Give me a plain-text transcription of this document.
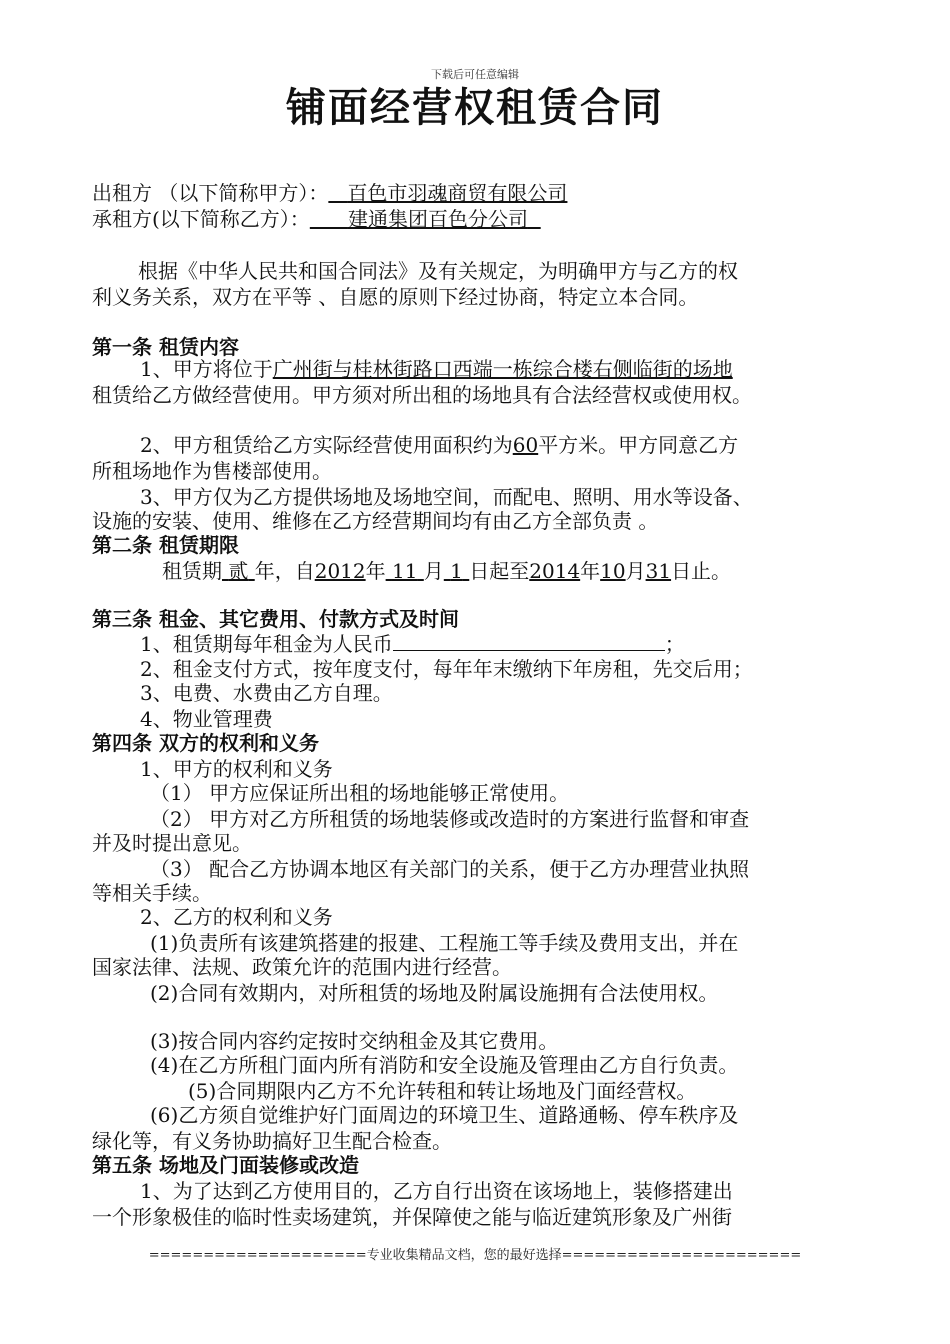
下载后可任意编辑
铺面经营权租赁合同
出租方 （以下简称甲方）： 百色市羽魂商贸有限公司
承租方(以下简称乙方）： 建通集团百色分公司
根据《中华人民共和国合同法》及有关规定，为明确甲方与乙方的权
利义务关系，双方在平等 、自愿的原则下经过协商，特定立本合同。
第一条 租赁内容
1、甲方将位于广州街与桂林街路口西端一栋综合楼右侧临街的场地
租赁给乙方做经营使用。甲方须对所出租的场地具有合法经营权或使用权。
2、甲方租赁给乙方实际经营使用面积约为60平方米。甲方同意乙方
所租场地作为售楼部使用。
3、甲方仅为乙方提供场地及场地空间，而配电、照明、用水等设备、
设施的安装、使用、维修在乙方经营期间均有由乙方全部负责 。
第二条 租赁期限
租赁期 贰 年，自2012年 11 月 1 日起至2014年10月31日止。
第三条 租金、其它费用、付款方式及时间
1、租赁期每年租金为人民币	；
2、租金支付方式，按年度支付，每年年末缴纳下年房租，先交后用；
3、电费、水费由乙方自理。
4、物业管理费
第四条 双方的权利和义务
1、甲方的权利和义务
（1） 甲方应保证所出租的场地能够正常使用。
（2） 甲方对乙方所租赁的场地装修或改造时的方案进行监督和审查
并及时提出意见。
（3） 配合乙方协调本地区有关部门的关系，便于乙方办理营业执照
等相关手续。
2、乙方的权利和义务
(1)负责所有该建筑搭建的报建、工程施工等手续及费用支出，并在
国家法律、法规、政策允许的范围内进行经营。
(2)合同有效期内，对所租赁的场地及附属设施拥有合法使用权。
(3)按合同内容约定按时交纳租金及其它费用。
(4)在乙方所租门面内所有消防和安全设施及管理由乙方自行负责。
(5)合同期限内乙方不允许转租和转让场地及门面经营权。
(6)乙方须自觉维护好门面周边的环境卫生、道路通畅、停车秩序及
绿化等，有义务协助搞好卫生配合检查。
第五条 场地及门面装修或改造
1、为了达到乙方使用目的，乙方自行出资在该场地上，装修搭建出
一个形象极佳的临时性卖场建筑，并保障使之能与临近建筑形象及广州街
====================专业收集精品文档，您的最好选择======================
